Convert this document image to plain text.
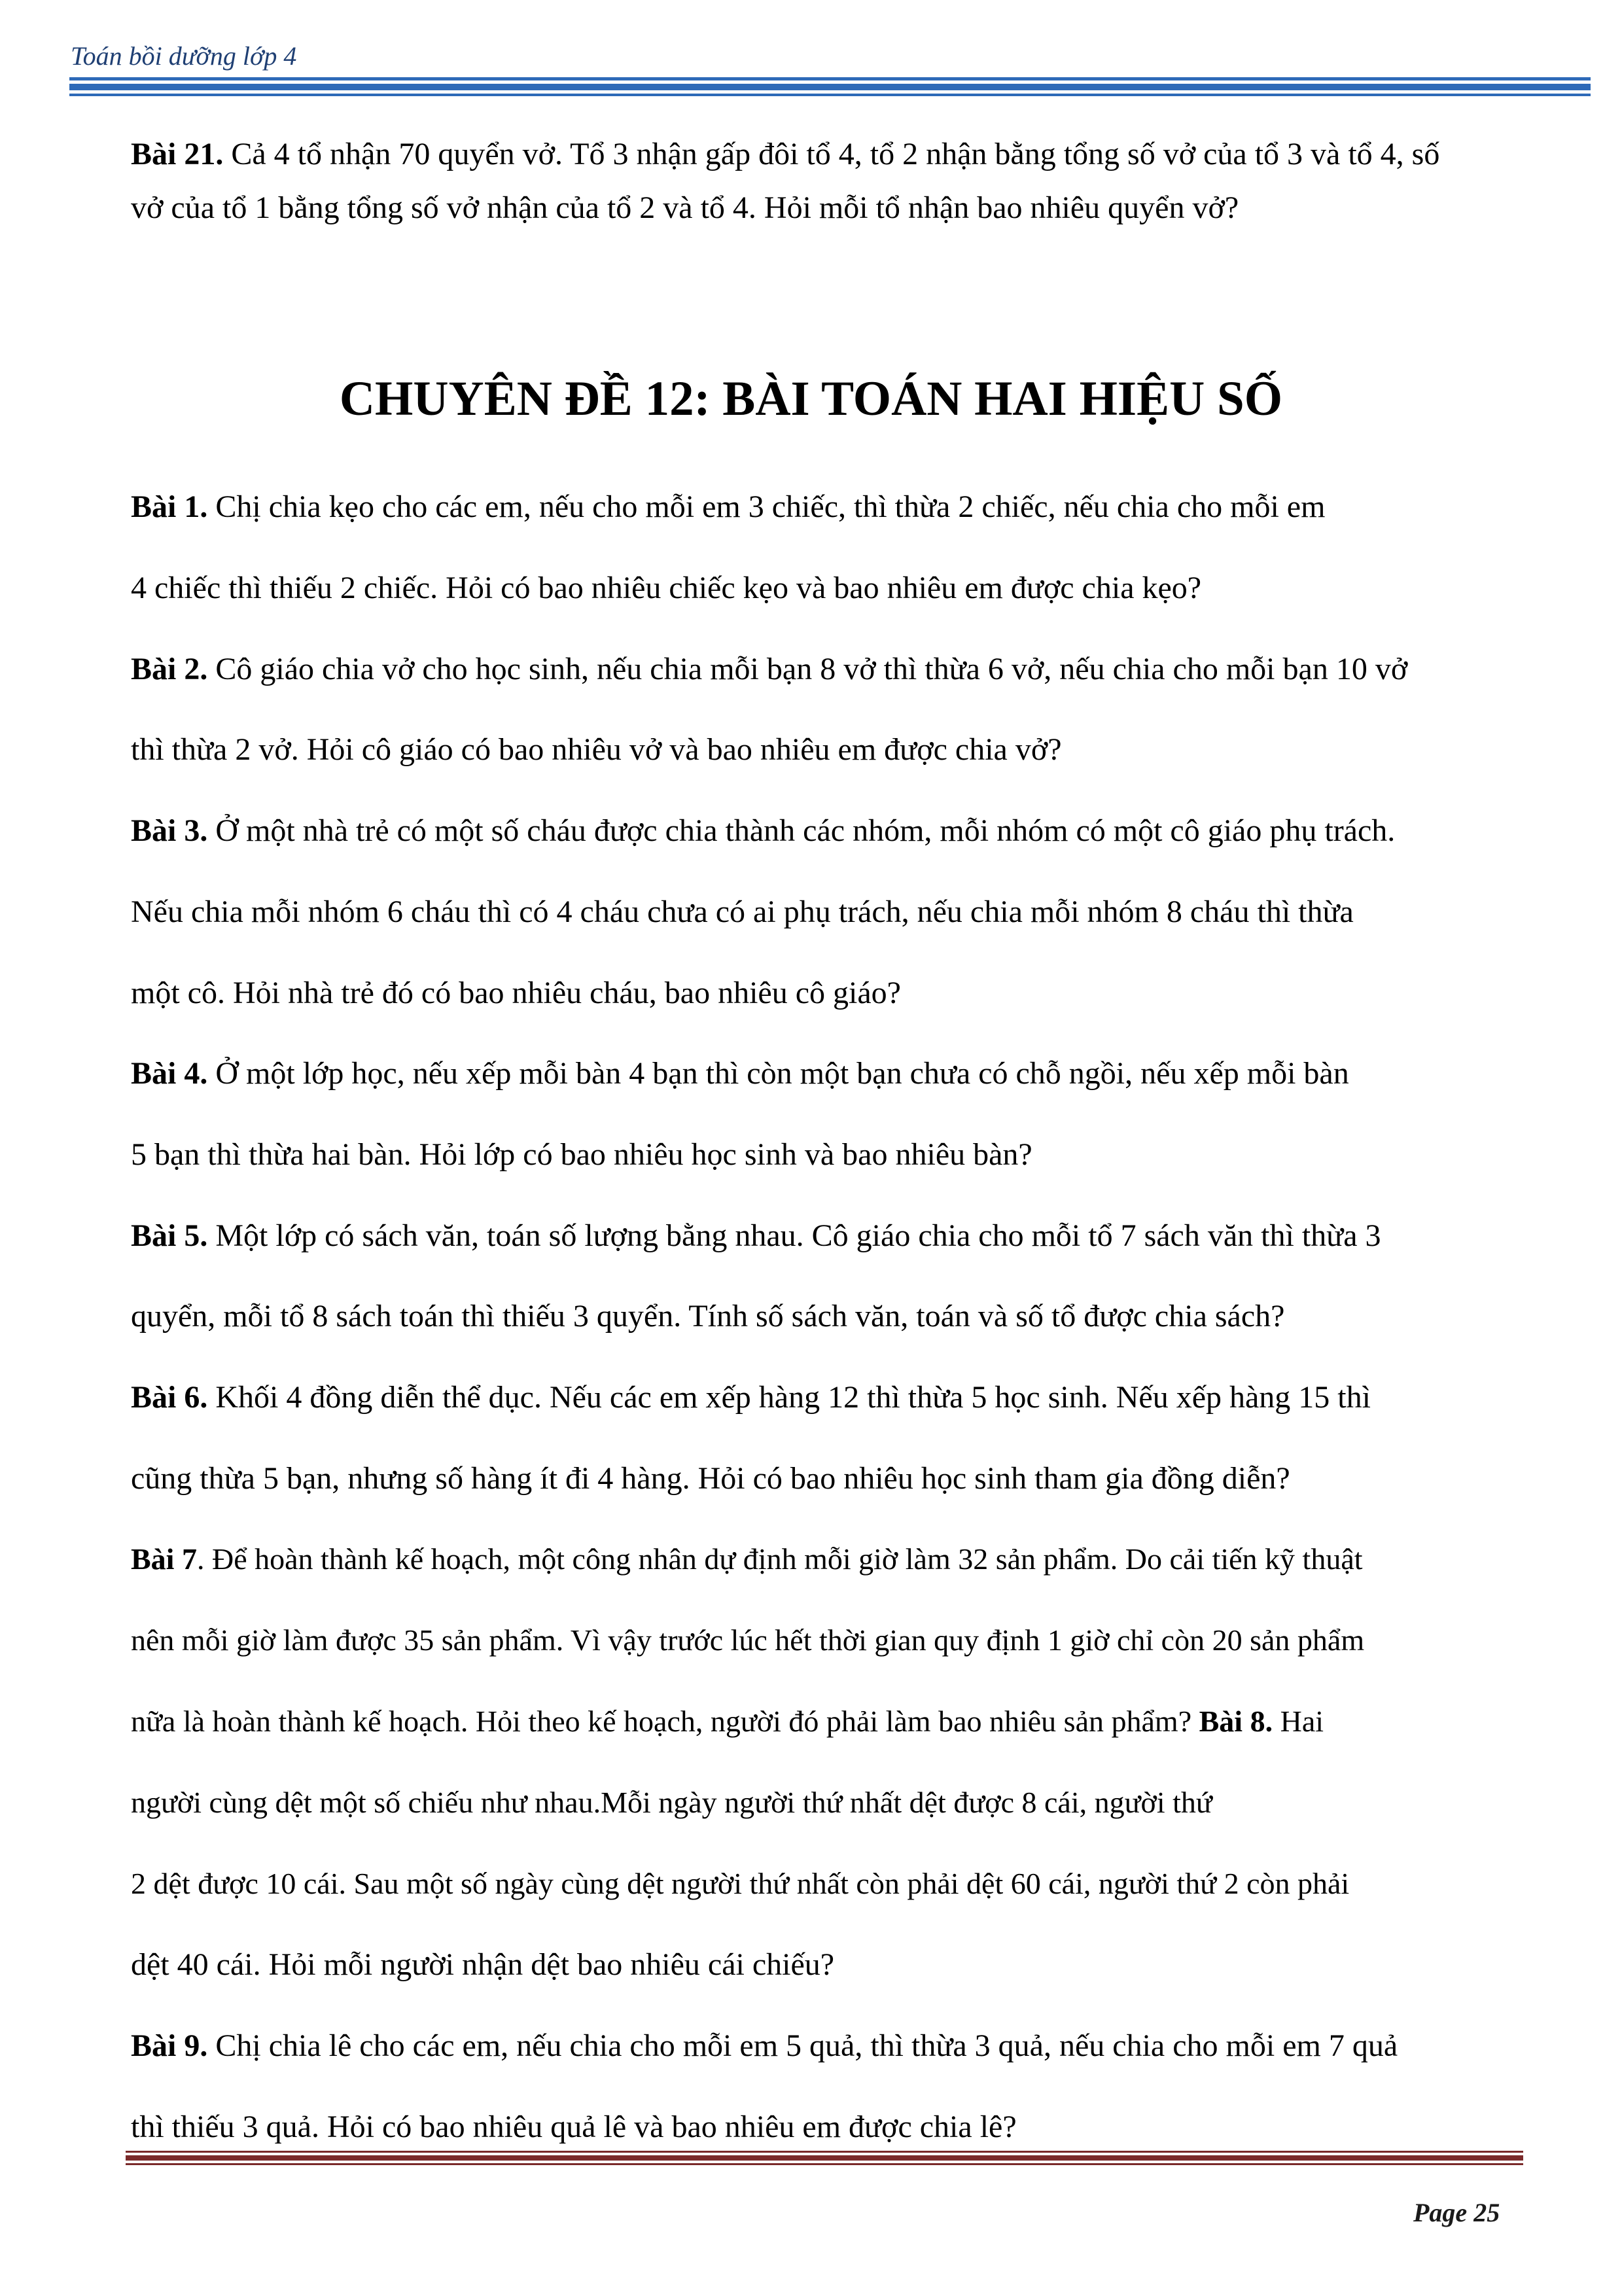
Toán bồi dưỡng lớp 4
Bài 21. Cả 4 tổ nhận 70 quyển vở. Tổ 3 nhận gấp đôi tổ 4, tổ 2 nhận bằng tổng số vở của tổ 3 và tổ 4, số
vở của tổ 1 bằng tổng số vở nhận của tổ 2 và tổ 4. Hỏi mỗi tổ nhận bao nhiêu quyển vở?
CHUYÊN ĐỀ 12: BÀI TOÁN HAI HIỆU SỐ
Bài 1. Chị chia kẹo cho các em, nếu cho mỗi em 3 chiếc, thì thừa 2 chiếc, nếu chia cho mỗi em
4 chiếc thì thiếu 2 chiếc. Hỏi có bao nhiêu chiếc kẹo và bao nhiêu em được chia kẹo?
Bài 2. Cô giáo chia vở cho học sinh, nếu chia mỗi bạn 8 vở thì thừa 6 vở, nếu chia cho mỗi bạn 10 vở
thì thừa 2 vở. Hỏi cô giáo có bao nhiêu vở và bao nhiêu em được chia vở?
Bài 3. Ở một nhà trẻ có một số cháu được chia thành các nhóm, mỗi nhóm có một cô giáo phụ trách.
Nếu chia mỗi nhóm 6 cháu thì có 4 cháu chưa có ai phụ trách, nếu chia mỗi nhóm 8 cháu thì thừa
một cô. Hỏi nhà trẻ đó có bao nhiêu cháu, bao nhiêu cô giáo?
Bài 4. Ở một lớp học, nếu xếp mỗi bàn 4 bạn thì còn một bạn chưa có chỗ ngồi, nếu xếp mỗi bàn
5 bạn thì thừa hai bàn. Hỏi lớp có bao nhiêu học sinh và bao nhiêu bàn?
Bài 5. Một lớp có sách văn, toán số lượng bằng nhau. Cô giáo chia cho mỗi tổ 7 sách văn thì thừa 3
quyển, mỗi tổ 8 sách toán thì thiếu 3 quyển. Tính số sách văn, toán và số tổ được chia sách?
Bài 6. Khối 4 đồng diễn thể dục. Nếu các em xếp hàng 12 thì thừa 5 học sinh. Nếu xếp hàng 15 thì
cũng thừa 5 bạn, nhưng số hàng ít đi 4 hàng. Hỏi có bao nhiêu học sinh tham gia đồng diễn?
Bài 7. Để hoàn thành kế hoạch, một công nhân dự định mỗi giờ làm 32 sản phẩm. Do cải tiến kỹ thuật
nên mỗi giờ làm được 35 sản phẩm. Vì vậy trước lúc hết thời gian quy định 1 giờ chỉ còn 20 sản phẩm
nữa là hoàn thành kế hoạch. Hỏi theo kế hoạch, người đó phải làm bao nhiêu sản phẩm? Bài 8. Hai
người cùng dệt một số chiếu như nhau.Mỗi ngày người thứ nhất dệt được 8 cái, người thứ
2 dệt được 10 cái. Sau một số ngày cùng dệt người thứ nhất còn phải dệt 60 cái, người thứ 2 còn phải
dệt 40 cái. Hỏi mỗi người nhận dệt bao nhiêu cái chiếu?
Bài 9. Chị chia lê cho các em, nếu chia cho mỗi em 5 quả, thì thừa 3 quả, nếu chia cho mỗi em 7 quả
thì thiếu 3 quả. Hỏi có bao nhiêu quả lê và bao nhiêu em được chia lê?
Page 25
